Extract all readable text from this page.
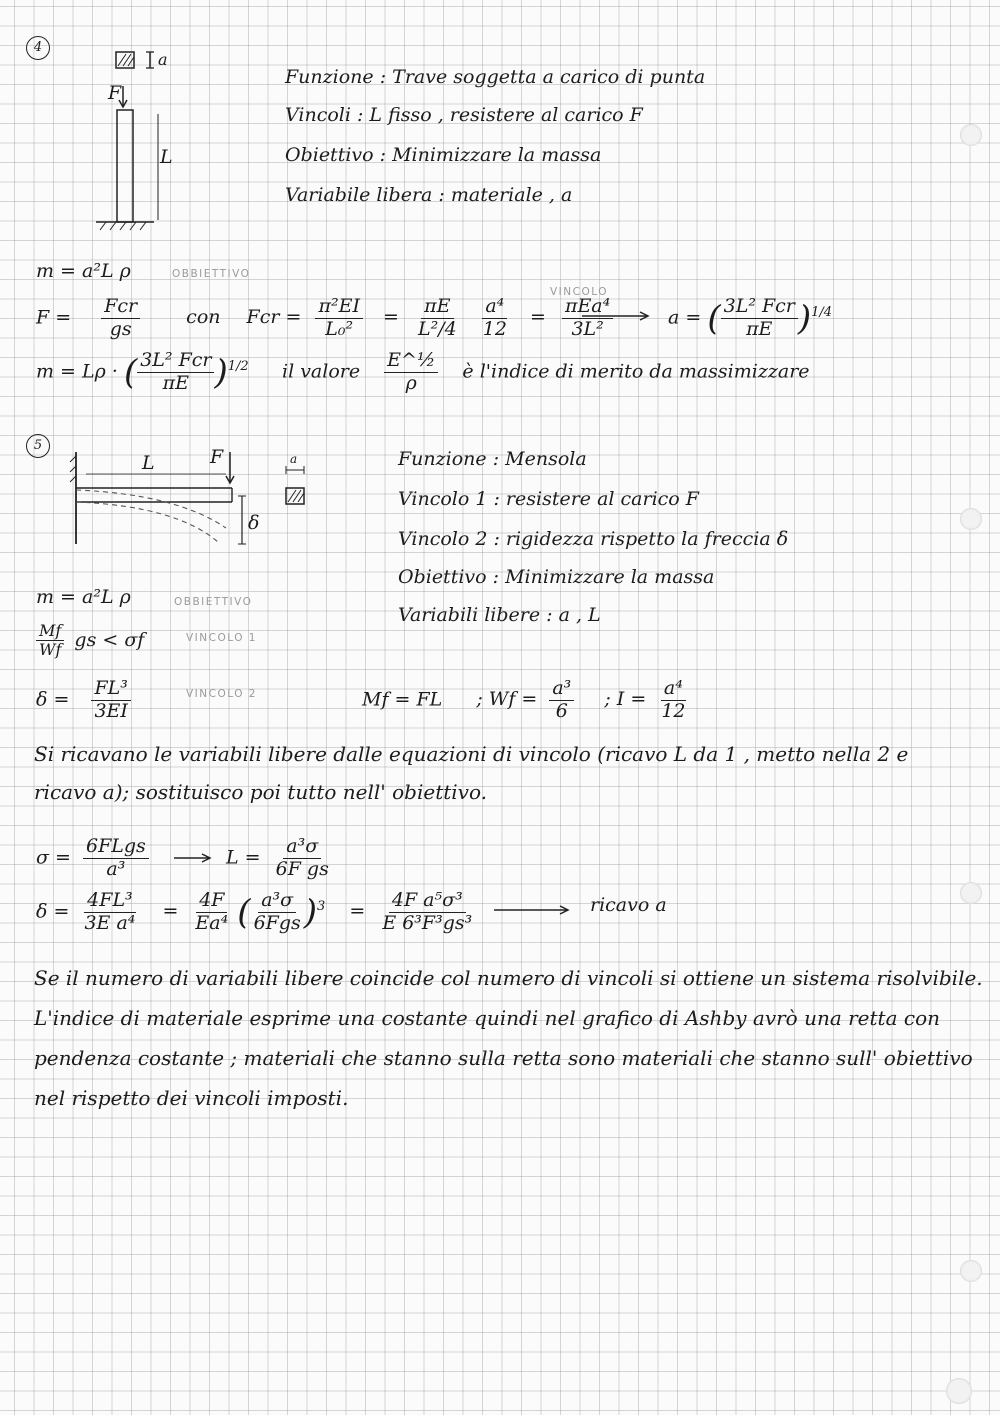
4
a
F
L
Funzione : Trave soggetta a carico di punta
Vincoli : L fisso , resistere al carico F
Obiettivo : Minimizzare la massa
Variabile libera : materiale , a
m = a²L ρ	OBBIETTIVO
VINCOLO
$F = \frac{\text{Fcr}}{gs}$ con Fcr = $\frac{\text{π²EI}}{\text{L₀²}} = \frac{\pi E}{\text{L²/4}}$
$\frac{\text{a⁴}}{12} = \frac{\text{πEa⁴}}{\text{3L²}}$	a = ( $\frac{\text{3L² Fcr}}{\pi E} )^{1/4}$
m = Lρ · ( $\frac{\text{3L² Fcr}}{\pi E} )^{1/2}$ il valore $\frac{\text{E\textasciicircum{}½}}{\rho}$ è l'indice di merito da massimizzare
5
L	F
δ
a	Funzione : Mensola
Vincolo 1 : resistere al carico F
Vincolo 2 : rigidezza rispetto la freccia δ
Obiettivo : Minimizzare la massa
Variabili libere : a , L
m = a²L ρ	OBBIETTIVO
$\frac{Mf}{Wf}$ gs < σf	VINCOLO 1
$\delta = \frac{\text{FL³}}{3EI}$	VINCOLO 2	Mf = FL ; $Wf = \frac{\text{a³}}{6}$ ; $I = \frac{\text{a⁴}}{12}$
Si ricavano le variabili libere dalle equazioni di vincolo (ricavo L da 1 , metto nella 2 e
ricavo a); sostituisco poi tutto nell' obiettivo.
$\sigma = \frac{\text{6FLgs}}{\text{a³}}$	$L = \frac{\text{a³σ}}{\text{6F gs}}$
$\delta = \frac{\text{4FL³}}{\text{3E a⁴}} = \frac{4F}{\text{Ea⁴}}$ ( $\frac{\text{a³σ}}{\text{6Fgs}} )^3 = \frac{\text{4F a⁵σ³}}{\text{E 6³F³gs³}}$	ricavo a
Se il numero di variabili libere coincide col numero di vincoli si ottiene un sistema risolvibile.
L'indice di materiale esprime una costante quindi nel grafico di Ashby avrò una retta con
pendenza costante ; materiali che stanno sulla retta sono materiali che stanno sull' obiettivo
nel rispetto dei vincoli imposti.
